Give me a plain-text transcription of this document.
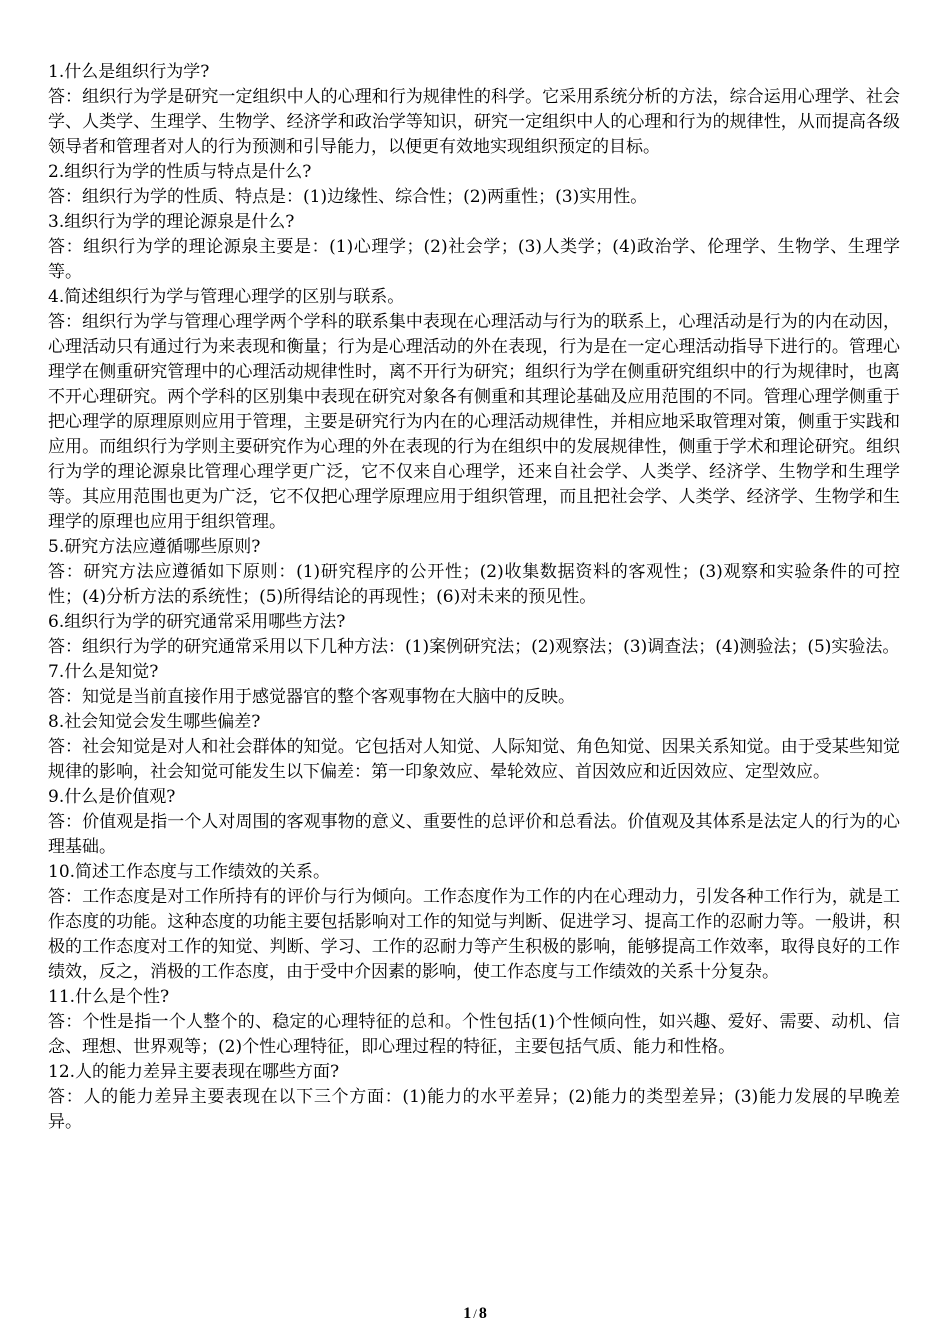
1.什么是组织行为学?

答：组织行为学是研究一定组织中人的心理和行为规律性的科学。它采用系统分析的方法，综合运用心理学、社会学、人类学、生理学、生物学、经济学和政治学等知识，研究一定组织中人的心理和行为的规律性，从而提高各级领导者和管理者对人的行为预测和引导能力，以便更有效地实现组织预定的目标。

2.组织行为学的性质与特点是什么?

答：组织行为学的性质、特点是：(1)边缘性、综合性；(2)两重性；(3)实用性。

3.组织行为学的理论源泉是什么?

答：组织行为学的理论源泉主要是：(1)心理学；(2)社会学；(3)人类学；(4)政治学、伦理学、生物学、生理学等。

4.简述组织行为学与管理心理学的区别与联系。

答：组织行为学与管理心理学两个学科的联系集中表现在心理活动与行为的联系上，心理活动是行为的内在动因，心理活动只有通过行为来表现和衡量；行为是心理活动的外在表现，行为是在一定心理活动指导下进行的。管理心理学在侧重研究管理中的心理活动规律性时，离不开行为研究；组织行为学在侧重研究组织中的行为规律时，也离不开心理研究。两个学科的区别集中表现在研究对象各有侧重和其理论基础及应用范围的不同。管理心理学侧重于把心理学的原理原则应用于管理，主要是研究行为内在的心理活动规律性，并相应地采取管理对策，侧重于实践和应用。而组织行为学则主要研究作为心理的外在表现的行为在组织中的发展规律性，侧重于学术和理论研究。组织行为学的理论源泉比管理心理学更广泛，它不仅来自心理学，还来自社会学、人类学、经济学、生物学和生理学等。其应用范围也更为广泛，它不仅把心理学原理应用于组织管理，而且把社会学、人类学、经济学、生物学和生理学的原理也应用于组织管理。

5.研究方法应遵循哪些原则?

答：研究方法应遵循如下原则：(1)研究程序的公开性；(2)收集数据资料的客观性；(3)观察和实验条件的可控性；(4)分析方法的系统性；(5)所得结论的再现性；(6)对未来的预见性。

6.组织行为学的研究通常采用哪些方法?

答：组织行为学的研究通常采用以下几种方法：(1)案例研究法；(2)观察法；(3)调查法；(4)测验法；(5)实验法。

7.什么是知觉?

答：知觉是当前直接作用于感觉器官的整个客观事物在大脑中的反映。

8.社会知觉会发生哪些偏差?

答：社会知觉是对人和社会群体的知觉。它包括对人知觉、人际知觉、角色知觉、因果关系知觉。由于受某些知觉规律的影响，社会知觉可能发生以下偏差：第一印象效应、晕轮效应、首因效应和近因效应、定型效应。

9.什么是价值观?

答：价值观是指一个人对周围的客观事物的意义、重要性的总评价和总看法。价值观及其体系是法定人的行为的心理基础。

10.简述工作态度与工作绩效的关系。

答：工作态度是对工作所持有的评价与行为倾向。工作态度作为工作的内在心理动力，引发各种工作行为，就是工作态度的功能。这种态度的功能主要包括影响对工作的知觉与判断、促进学习、提高工作的忍耐力等。一般讲，积极的工作态度对工作的知觉、判断、学习、工作的忍耐力等产生积极的影响，能够提高工作效率，取得良好的工作绩效，反之，消极的工作态度，由于受中介因素的影响，使工作态度与工作绩效的关系十分复杂。

11.什么是个性?

答：个性是指一个人整个的、稳定的心理特征的总和。个性包括(1)个性倾向性，如兴趣、爱好、需要、动机、信念、理想、世界观等；(2)个性心理特征，即心理过程的特征，主要包括气质、能力和性格。

12.人的能力差异主要表现在哪些方面?

答：人的能力差异主要表现在以下三个方面：(1)能力的水平差异；(2)能力的类型差异；(3)能力发展的早晚差异。

1 / 8
